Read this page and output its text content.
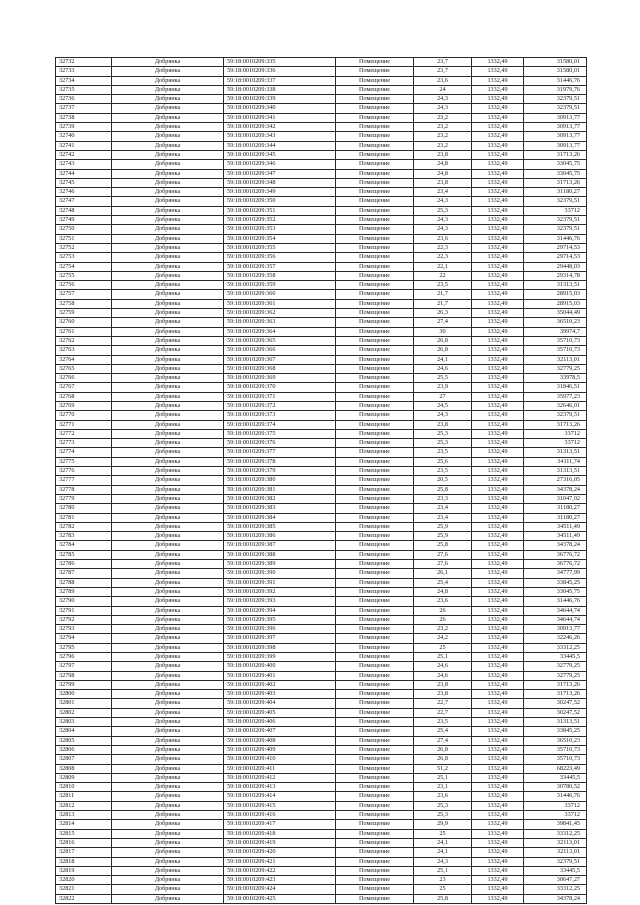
32732	Добрянка	59:18:0010209:335	Помещение	23,7	1332,49	31580,01
32733	Добрянка	59:18:0010209:336	Помещение	23,7	1332,49	31580,01
32734	Добрянка	59:18:0010209:337	Помещение	23,6	1332,49	31446,76
32735	Добрянка	59:18:0010209:338	Помещение	24	1332,49	31979,76
32736	Добрянка	59:18:0010209:339	Помещение	24,3	1332,49	32379,51
32737	Добрянка	59:18:0010209:340	Помещение	24,3	1332,49	32379,51
32738	Добрянка	59:18:0010209:341	Помещение	23,2	1332,49	30913,77
32739	Добрянка	59:18:0010209:342	Помещение	23,2	1332,49	30913,77
32740	Добрянка	59:18:0010209:343	Помещение	23,2	1332,49	30913,77
32741	Добрянка	59:18:0010209:344	Помещение	23,2	1332,49	30913,77
32742	Добрянка	59:18:0010209:345	Помещение	23,8	1332,49	31713,26
32743	Добрянка	59:18:0010209:346	Помещение	24,8	1332,49	33045,75
32744	Добрянка	59:18:0010209:347	Помещение	24,8	1332,49	33045,75
32745	Добрянка	59:18:0010209:348	Помещение	23,8	1332,49	31713,26
32746	Добрянка	59:18:0010209:349	Помещение	23,4	1332,49	31180,27
32747	Добрянка	59:18:0010209:350	Помещение	24,3	1332,49	32379,51
32748	Добрянка	59:18:0010209:351	Помещение	25,3	1332,49	33712
32749	Добрянка	59:18:0010209:352	Помещение	24,3	1332,49	32379,51
32750	Добрянка	59:18:0010209:353	Помещение	24,3	1332,49	32379,51
32751	Добрянка	59:18:0010209:354	Помещение	23,6	1332,49	31446,76
32752	Добрянка	59:18:0010209:355	Помещение	22,3	1332,49	29714,53
32753	Добрянка	59:18:0010209:356	Помещение	22,3	1332,49	29714,53
32754	Добрянка	59:18:0010209:357	Помещение	22,1	1332,49	29448,03
32755	Добрянка	59:18:0010209:358	Помещение	22	1332,49	29314,78
32756	Добрянка	59:18:0010209:359	Помещение	23,5	1332,49	31313,51
32757	Добрянка	59:18:0010209:360	Помещение	21,7	1332,49	28915,03
32758	Добрянка	59:18:0010209:361	Помещение	21,7	1332,49	28915,03
32759	Добрянка	59:18:0010209:362	Помещение	26,3	1332,49	35044,49
32760	Добрянка	59:18:0010209:363	Помещение	27,4	1332,49	36510,23
32761	Добрянка	59:18:0010209:364	Помещение	30	1332,49	39974,7
32762	Добрянка	59:18:0010209:365	Помещение	26,8	1332,49	35710,73
32763	Добрянка	59:18:0010209:366	Помещение	26,8	1332,49	35710,73
32764	Добрянка	59:18:0010209:367	Помещение	24,1	1332,49	32113,01
32765	Добрянка	59:18:0010209:368	Помещение	24,6	1332,49	32779,25
32766	Добрянка	59:18:0010209:369	Помещение	25,5	1332,49	33978,5
32767	Добрянка	59:18:0010209:370	Помещение	23,9	1332,49	31846,51
32768	Добрянка	59:18:0010209:371	Помещение	27	1332,49	35977,23
32769	Добрянка	59:18:0010209:372	Помещение	24,5	1332,49	32646,01
32770	Добрянка	59:18:0010209:373	Помещение	24,3	1332,49	32379,51
32771	Добрянка	59:18:0010209:374	Помещение	23,8	1332,49	31713,26
32772	Добрянка	59:18:0010209:375	Помещение	25,3	1332,49	33712
32773	Добрянка	59:18:0010209:376	Помещение	25,3	1332,49	33712
32774	Добрянка	59:18:0010209:377	Помещение	23,5	1332,49	31313,51
32775	Добрянка	59:18:0010209:378	Помещение	25,6	1332,49	34111,74
32776	Добрянка	59:18:0010209:379	Помещение	23,5	1332,49	31313,51
32777	Добрянка	59:18:0010209:380	Помещение	20,5	1332,49	27316,05
32778	Добрянка	59:18:0010209:381	Помещение	25,8	1332,49	34378,24
32779	Добрянка	59:18:0010209:382	Помещение	23,3	1332,49	31047,02
32780	Добрянка	59:18:0010209:383	Помещение	23,4	1332,49	31180,27
32781	Добрянка	59:18:0010209:384	Помещение	23,4	1332,49	31180,27
32782	Добрянка	59:18:0010209:385	Помещение	25,9	1332,49	34511,49
32783	Добрянка	59:18:0010209:386	Помещение	25,9	1332,49	34511,49
32784	Добрянка	59:18:0010209:387	Помещение	25,8	1332,49	34378,24
32785	Добрянка	59:18:0010209:388	Помещение	27,6	1332,49	36776,72
32786	Добрянка	59:18:0010209:389	Помещение	27,6	1332,49	36776,72
32787	Добрянка	59:18:0010209:390	Помещение	26,1	1332,49	34777,99
32788	Добрянка	59:18:0010209:391	Помещение	25,4	1332,49	33845,25
32789	Добрянка	59:18:0010209:392	Помещение	24,8	1332,49	33045,75
32790	Добрянка	59:18:0010209:393	Помещение	23,6	1332,49	31446,76
32791	Добрянка	59:18:0010209:394	Помещение	26	1332,49	34644,74
32792	Добрянка	59:18:0010209:395	Помещение	26	1332,49	34644,74
32793	Добрянка	59:18:0010209:396	Помещение	23,2	1332,49	30913,77
32794	Добрянка	59:18:0010209:397	Помещение	24,2	1332,49	32246,26
32795	Добрянка	59:18:0010209:398	Помещение	25	1332,49	33312,25
32796	Добрянка	59:18:0010209:399	Помещение	25,1	1332,49	33445,5
32797	Добрянка	59:18:0010209:400	Помещение	24,6	1332,49	32779,25
32798	Добрянка	59:18:0010209:401	Помещение	24,6	1332,49	32779,25
32799	Добрянка	59:18:0010209:402	Помещение	23,8	1332,49	31713,26
32800	Добрянка	59:18:0010209:403	Помещение	23,8	1332,49	31713,26
32801	Добрянка	59:18:0010209:404	Помещение	22,7	1332,49	30247,52
32802	Добрянка	59:18:0010209:405	Помещение	22,7	1332,49	30247,52
32803	Добрянка	59:18:0010209:406	Помещение	23,5	1332,49	31313,51
32804	Добрянка	59:18:0010209:407	Помещение	25,4	1332,49	33845,25
32805	Добрянка	59:18:0010209:408	Помещение	27,4	1332,49	36510,23
32806	Добрянка	59:18:0010209:409	Помещение	26,8	1332,49	35710,73
32807	Добрянка	59:18:0010209:410	Помещение	26,8	1332,49	35710,73
32808	Добрянка	59:18:0010209:411	Помещение	51,2	1332,49	68223,49
32809	Добрянка	59:18:0010209:412	Помещение	25,1	1332,49	33445,5
32810	Добрянка	59:18:0010209:413	Помещение	23,1	1332,49	30780,52
32811	Добрянка	59:18:0010209:414	Помещение	23,6	1332,49	31446,76
32812	Добрянка	59:18:0010209:415	Помещение	25,3	1332,49	33712
32813	Добрянка	59:18:0010209:416	Помещение	25,3	1332,49	33712
32814	Добрянка	59:18:0010209:417	Помещение	29,9	1332,49	39841,45
32815	Добрянка	59:18:0010209:418	Помещение	25	1332,49	33312,25
32816	Добрянка	59:18:0010209:419	Помещение	24,1	1332,49	32113,01
32817	Добрянка	59:18:0010209:420	Помещение	24,1	1332,49	32113,01
32818	Добрянка	59:18:0010209:421	Помещение	24,3	1332,49	32379,51
32819	Добрянка	59:18:0010209:422	Помещение	25,1	1332,49	33445,5
32820	Добрянка	59:18:0010209:423	Помещение	23	1332,49	30647,27
32821	Добрянка	59:18:0010209:424	Помещение	25	1332,49	33312,25
32822	Добрянка	59:18:0010209:425	Помещение	25,8	1332,49	34378,24
